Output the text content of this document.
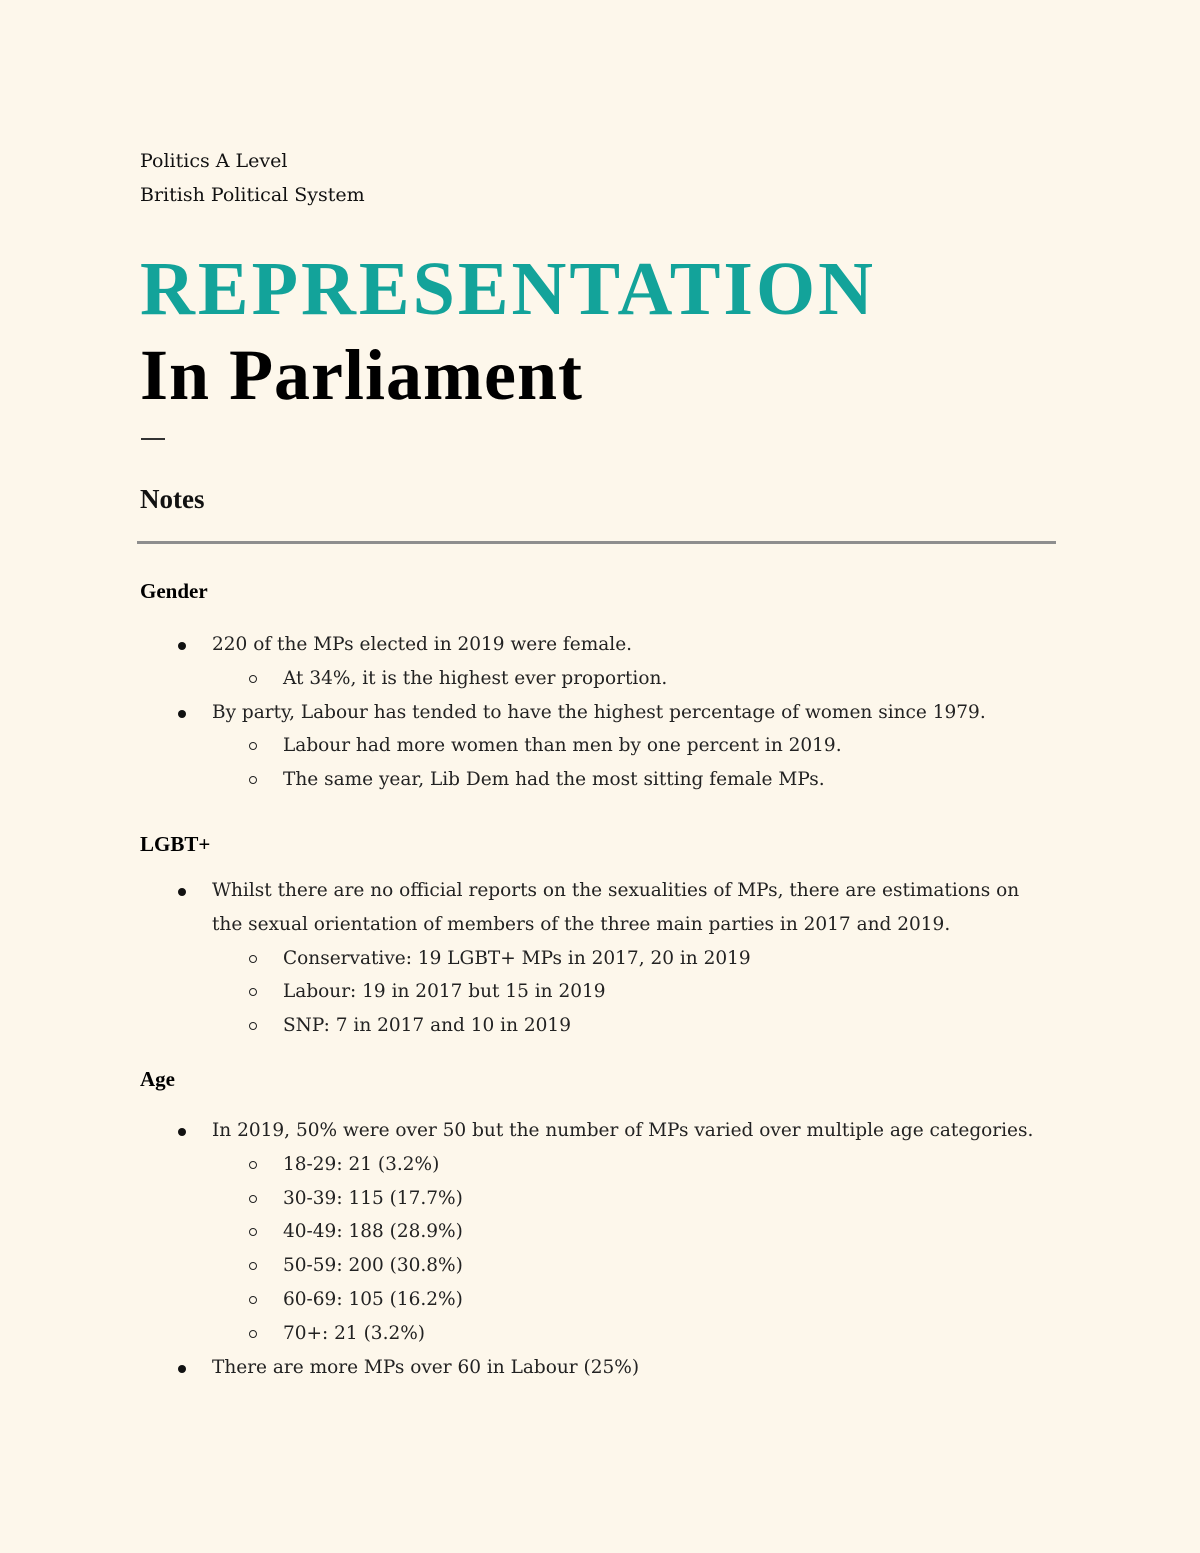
Politics A Level
British Political System
REPRESENTATION
In Parliament
Notes
Gender
220 of the MPs elected in 2019 were female.
At 34%, it is the highest ever proportion.
By party, Labour has tended to have the highest percentage of women since 1979.
Labour had more women than men by one percent in 2019.
The same year, Lib Dem had the most sitting female MPs.
LGBT+
Whilst there are no official reports on the sexualities of MPs, there are estimations on the sexual orientation of members of the three main parties in 2017 and 2019.
Conservative: 19 LGBT+ MPs in 2017, 20 in 2019
Labour: 19 in 2017 but 15 in 2019
SNP: 7 in 2017 and 10 in 2019
Age
In 2019, 50% were over 50 but the number of MPs varied over multiple age categories.
18-29: 21 (3.2%)
30-39: 115 (17.7%)
40-49: 188 (28.9%)
50-59: 200 (30.8%)
60-69: 105 (16.2%)
70+: 21 (3.2%)
There are more MPs over 60 in Labour (25%)
